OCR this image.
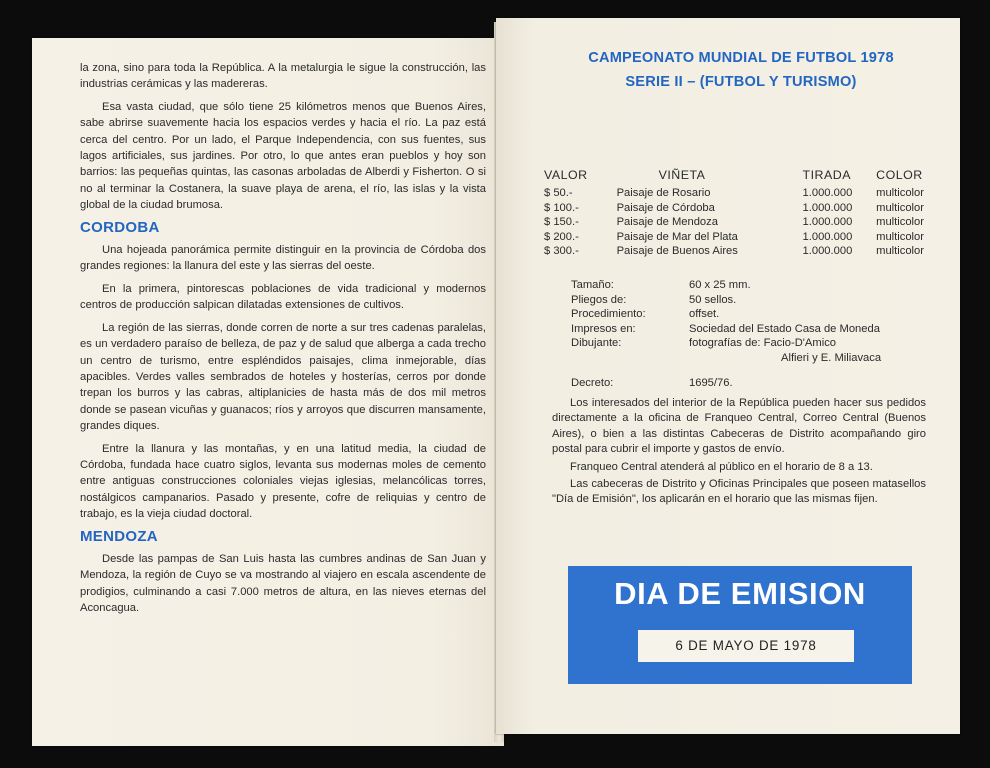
la zona, sino para toda la República. A la metalurgia le sigue la construcción, las industrias cerámicas y las madereras.

Esa vasta ciudad, que sólo tiene 25 kilómetros menos que Buenos Aires, sabe abrirse suavemente hacia los espacios verdes y hacia el río. La paz está cerca del centro. Por un lado, el Parque Independencia, con sus fuentes, sus lagos artificiales, sus jardines. Por otro, lo que antes eran pueblos y hoy son barrios: las pequeñas quintas, las casonas arboladas de Alberdi y Fisherton. O si no al terminar la Costanera, la suave playa de arena, el río, las islas y la vista global de la ciudad brumosa.

CORDOBA

Una hojeada panorámica permite distinguir en la provincia de Córdoba dos grandes regiones: la llanura del este y las sierras del oeste.

En la primera, pintorescas poblaciones de vida tradicional y modernos centros de producción salpican dilatadas extensiones de cultivos.

La región de las sierras, donde corren de norte a sur tres cadenas paralelas, es un verdadero paraíso de belleza, de paz y de salud que alberga a cada trecho un centro de turismo, entre espléndidos paisajes, clima inmejorable, días apacibles. Verdes valles sembrados de hoteles y hosterías, cerros por donde trepan los burros y las cabras, altiplanicies de hasta más de dos mil metros donde se pasean vicuñas y guanacos; ríos y arroyos que discurren mansamente, grandes diques.

Entre la llanura y las montañas, y en una latitud media, la ciudad de Córdoba, fundada hace cuatro siglos, levanta sus modernas moles de cemento entre antiguas construcciones coloniales viejas iglesias, melancólicas torres, nostálgicos campanarios. Pasado y presente, cofre de reliquias y centro de trabajo, es la vieja ciudad doctoral.

MENDOZA

Desde las pampas de San Luis hasta las cumbres andinas de San Juan y Mendoza, la región de Cuyo se va mostrando al viajero en escala ascendente de prodigios, culminando a casi 7.000 metros de altura, en las nieves eternas del Aconcagua.

CAMPEONATO MUNDIAL DE FUTBOL 1978
SERIE II – (FUTBOL Y TURISMO)
VALOR	VIÑETA	TIRADA	COLOR
$ 50.-	Paisaje de Rosario	1.000.000	multicolor
$ 100.-	Paisaje de Córdoba	1.000.000	multicolor
$ 150.-	Paisaje de Mendoza	1.000.000	multicolor
$ 200.-	Paisaje de Mar del Plata	1.000.000	multicolor
$ 300.-	Paisaje de Buenos Aires	1.000.000	multicolor
Tamaño:	60 x 25 mm.
Pliegos de:	50 sellos.
Procedimiento:	offset.
Impresos en:	Sociedad del Estado Casa de Moneda
Dibujante:	fotografías de: Facio-D'Amico
Alfieri y E. Miliavaca
Decreto:	1695/76.

Los interesados del interior de la República pueden hacer sus pedidos directamente a la oficina de Franqueo Central, Correo Central (Buenos Aires), o bien a las distintas Cabeceras de Distrito acompañando giro postal para cubrir el importe y gastos de envío.

Franqueo Central atenderá al público en el horario de 8 a 13.

Las cabeceras de Distrito y Oficinas Principales que poseen matasellos "Día de Emisión", los aplicarán en el horario que las mismas fijen.

DIA DE EMISION
6 DE MAYO DE 1978
